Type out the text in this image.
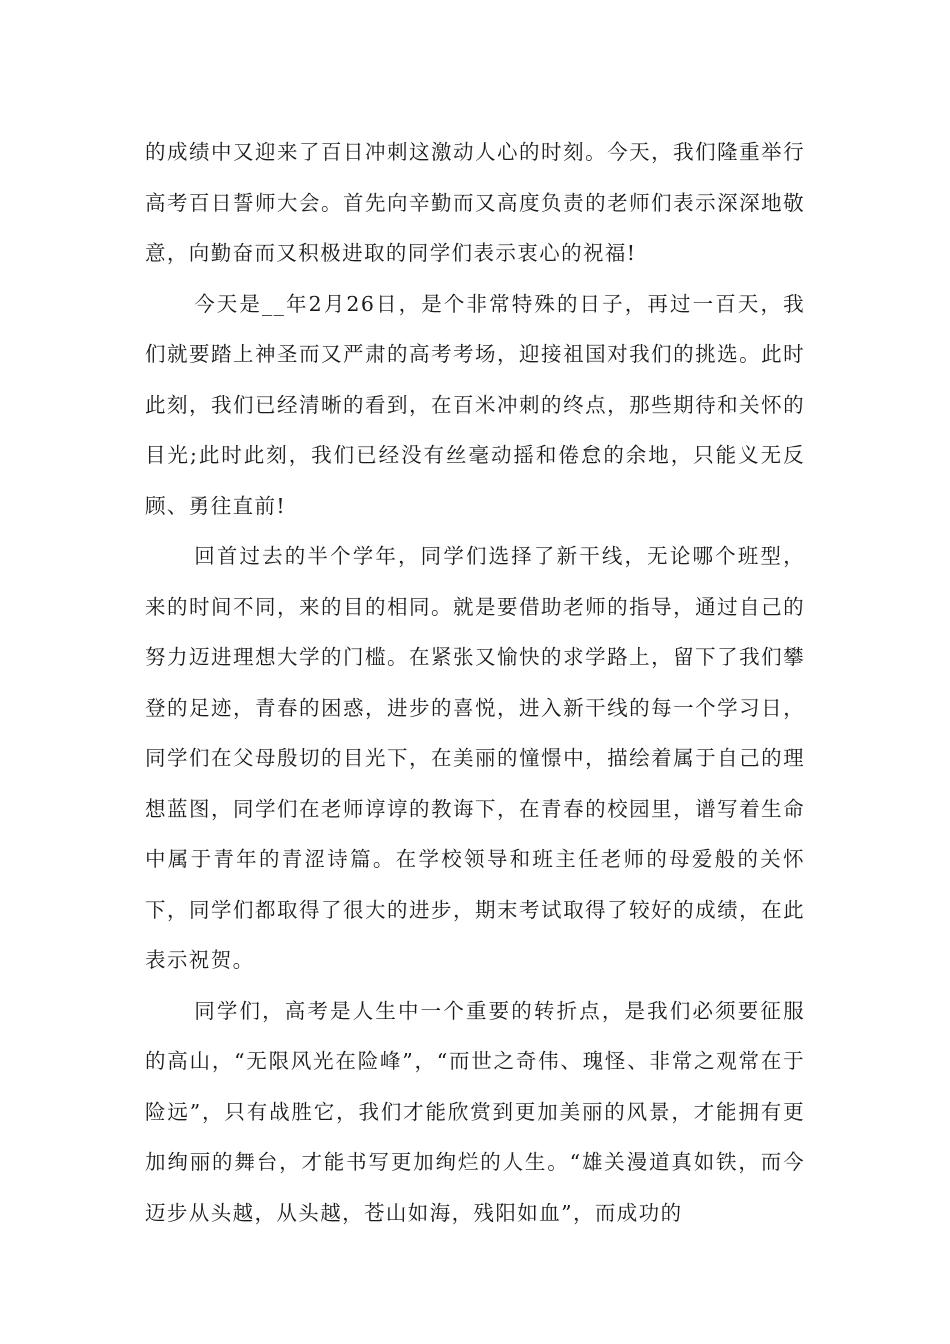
的成绩中又迎来了百日冲刺这激动人心的时刻。今天，我们隆重举行高考百日誓师大会。首先向辛勤而又高度负责的老师们表示深深地敬意，向勤奋而又积极进取的同学们表示衷心的祝福!

今天是__年2月26日，是个非常特殊的日子，再过一百天，我们就要踏上神圣而又严肃的高考考场，迎接祖国对我们的挑选。此时此刻，我们已经清晰的看到，在百米冲刺的终点，那些期待和关怀的目光;此时此刻，我们已经没有丝毫动摇和倦怠的余地，只能义无反顾、勇往直前!

回首过去的半个学年，同学们选择了新干线，无论哪个班型，来的时间不同，来的目的相同。就是要借助老师的指导，通过自己的努力迈进理想大学的门槛。在紧张又愉快的求学路上，留下了我们攀登的足迹，青春的困惑，进步的喜悦，进入新干线的每一个学习日，同学们在父母殷切的目光下，在美丽的憧憬中，描绘着属于自己的理想蓝图，同学们在老师谆谆的教诲下，在青春的校园里，谱写着生命中属于青年的青涩诗篇。在学校领导和班主任老师的母爱般的关怀下，同学们都取得了很大的进步，期末考试取得了较好的成绩，在此表示祝贺。

同学们，高考是人生中一个重要的转折点，是我们必须要征服的高山，“无限风光在险峰”，“而世之奇伟、瑰怪、非常之观常在于险远”，只有战胜它，我们才能欣赏到更加美丽的风景，才能拥有更加绚丽的舞台，才能书写更加绚烂的人生。“雄关漫道真如铁，而今迈步从头越，从头越，苍山如海，残阳如血”，而成功的
